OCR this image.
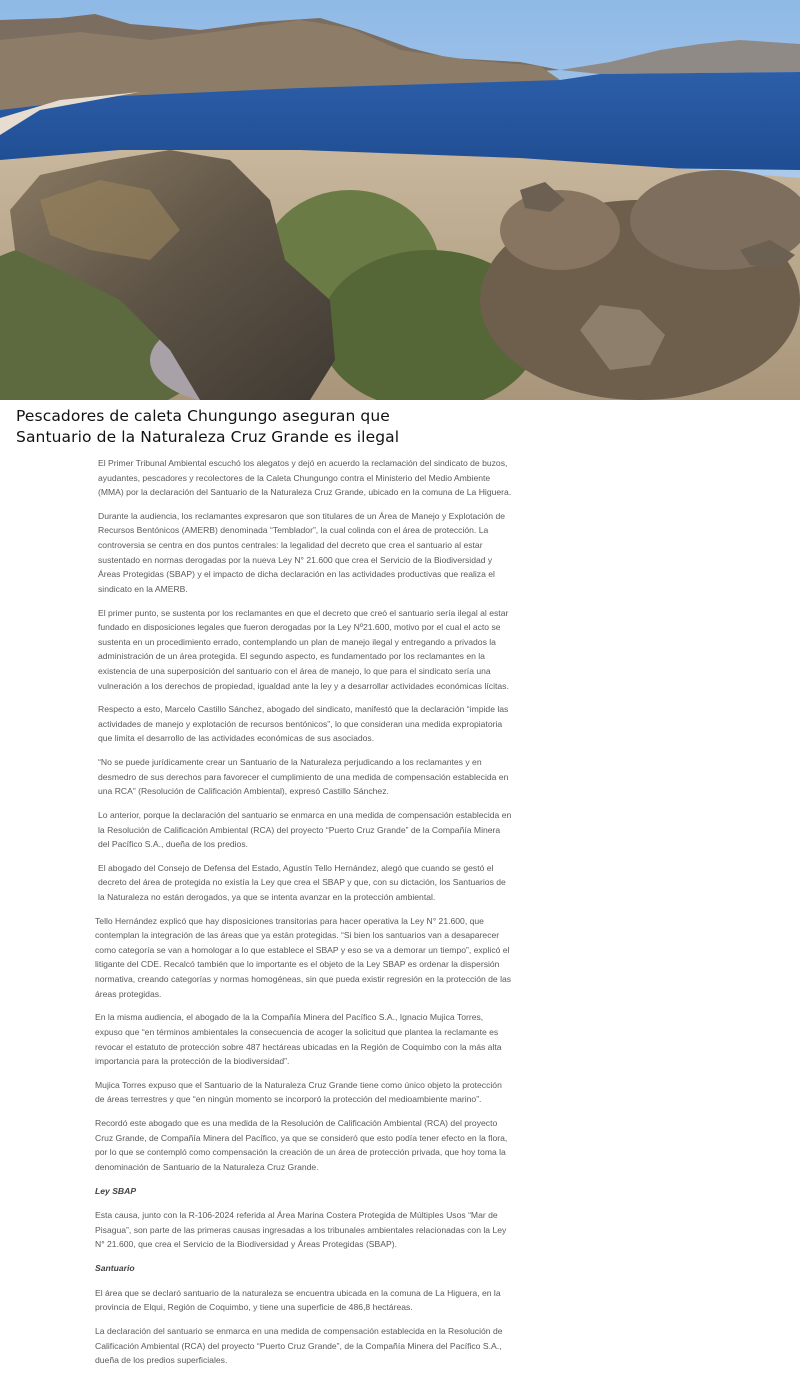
Pescadores de caleta Chungungo aseguran que Santuario de la Naturaleza Cruz Grande es ilegal

El Primer Tribunal Ambiental escuchó los alegatos y dejó en acuerdo la reclamación del sindicato de buzos, ayudantes, pescadores y recolectores de la Caleta Chungungo contra el Ministerio del Medio Ambiente (MMA) por la declaración del Santuario de la Naturaleza Cruz Grande, ubicado en la comuna de La Higuera.

Durante la audiencia, los reclamantes expresaron que son titulares de un Área de Manejo y Explotación de Recursos Bentónicos (AMERB) denominada “Temblador”, la cual colinda con el área de protección. La controversia se centra en dos puntos centrales: la legalidad del decreto que crea el santuario al estar sustentado en normas derogadas por la nueva Ley N° 21.600 que crea el Servicio de la Biodiversidad y Áreas Protegidas (SBAP) y el impacto de dicha declaración en las actividades productivas que realiza el sindicato en la AMERB.

El primer punto, se sustenta por los reclamantes en que el decreto que creó el santuario sería ilegal al estar fundado en disposiciones legales que fueron derogadas por la Ley Nº21.600, motivo por el cual el acto se sustenta en un procedimiento errado, contemplando un plan de manejo ilegal y entregando a privados la administración de un área protegida. El segundo aspecto, es fundamentado por los reclamantes en la existencia de una superposición del santuario con el área de manejo, lo que para el sindicato sería una vulneración a los derechos de propiedad, igualdad ante la ley y a desarrollar actividades económicas lícitas.

Respecto a esto, Marcelo Castillo Sánchez, abogado del sindicato, manifestó que la declaración “impide las actividades de manejo y explotación de recursos bentónicos”, lo que consideran una medida expropiatoria que limita el desarrollo de las actividades económicas de sus asociados.

“No se puede jurídicamente crear un Santuario de la Naturaleza perjudicando a los reclamantes y en desmedro de sus derechos para favorecer el cumplimiento de una medida de compensación establecida en una RCA” (Resolución de Calificación Ambiental), expresó Castillo Sánchez.

Lo anterior, porque la declaración del santuario se enmarca en una medida de compensación establecida en la Resolución de Calificación Ambiental (RCA) del proyecto “Puerto Cruz Grande” de la Compañía Minera del Pacífico S.A., dueña de los predios.

El abogado del Consejo de Defensa del Estado, Agustín Tello Hernández, alegó que cuando se gestó el decreto del área de protegida no existía la Ley que crea el SBAP y que, con su dictación, los Santuarios de la Naturaleza no están derogados, ya que se intenta avanzar en la protección ambiental.

Tello Hernández explicó que hay disposiciones transitorias para hacer operativa la Ley N° 21.600, que contemplan la integración de las áreas que ya están protegidas. “Si bien los santuarios van a desaparecer como categoría se van a homologar a lo que establece el SBAP y eso se va a demorar un tiempo”, explicó el litigante del CDE. Recalcó también que lo importante es el objeto de la Ley SBAP es ordenar la dispersión normativa, creando categorías y normas homogéneas, sin que pueda existir regresión en la protección de las áreas protegidas.

En la misma audiencia, el abogado de la la Compañía Minera del Pacífico S.A., Ignacio Mujica Torres, expuso que “en términos ambientales la consecuencia de acoger la solicitud que plantea la reclamante es revocar el estatuto de protección sobre 487 hectáreas ubicadas en la Región de Coquimbo con la más alta importancia para la protección de la biodiversidad”.

Mujica Torres expuso que el Santuario de la Naturaleza Cruz Grande tiene como único objeto la protección de áreas terrestres y que “en ningún momento se incorporó la protección del medioambiente marino”.

Recordó este abogado que es una medida de la Resolución de Calificación Ambiental (RCA) del proyecto Cruz Grande, de Compañía Minera del Pacífico, ya que se consideró que esto podía tener efecto en la flora, por lo que se contempló como compensación la creación de un área de protección privada, que hoy toma la denominación de Santuario de la Naturaleza Cruz Grande.

Ley SBAP

Esta causa, junto con la R-106-2024 referida al Área Marina Costera Protegida de Múltiples Usos “Mar de Pisagua”, son parte de las primeras causas ingresadas a los tribunales ambientales relacionadas con la Ley N° 21.600, que crea el Servicio de la Biodiversidad y Áreas Protegidas (SBAP).

Santuario

El área que se declaró santuario de la naturaleza se encuentra ubicada en la comuna de La Higuera, en la provincia de Elqui, Región de Coquimbo, y tiene una superficie de 486,8 hectáreas.

La declaración del santuario se enmarca en una medida de compensación establecida en la Resolución de Calificación Ambiental (RCA) del proyecto “Puerto Cruz Grande”, de la Compañía Minera del Pacífico S.A., dueña de los predios superficiales.
